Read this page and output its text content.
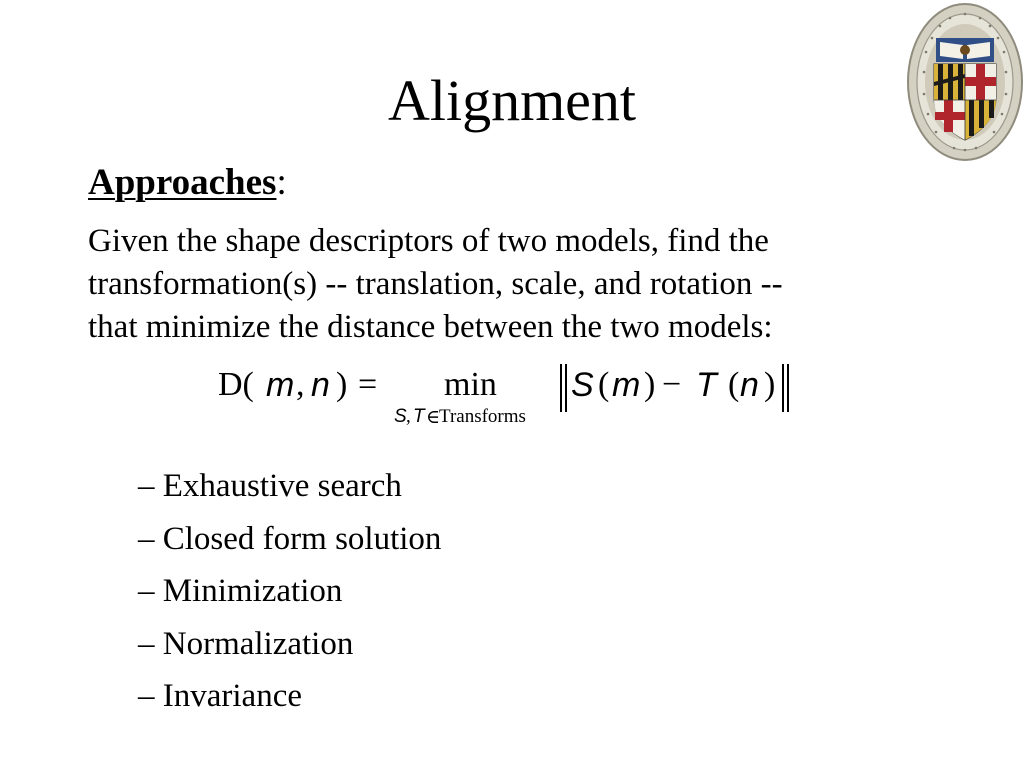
Alignment
Approaches:
Given the shape descriptors of two models, find the
transformation(s) -- translation, scale, and rotation --
that minimize the distance between the two models:
D( m , n ) = min
S , T ∈
Transforms
S ( m ) − T ( n )
– Exhaustive search
– Closed form solution
– Minimization
– Normalization
– Invariance
